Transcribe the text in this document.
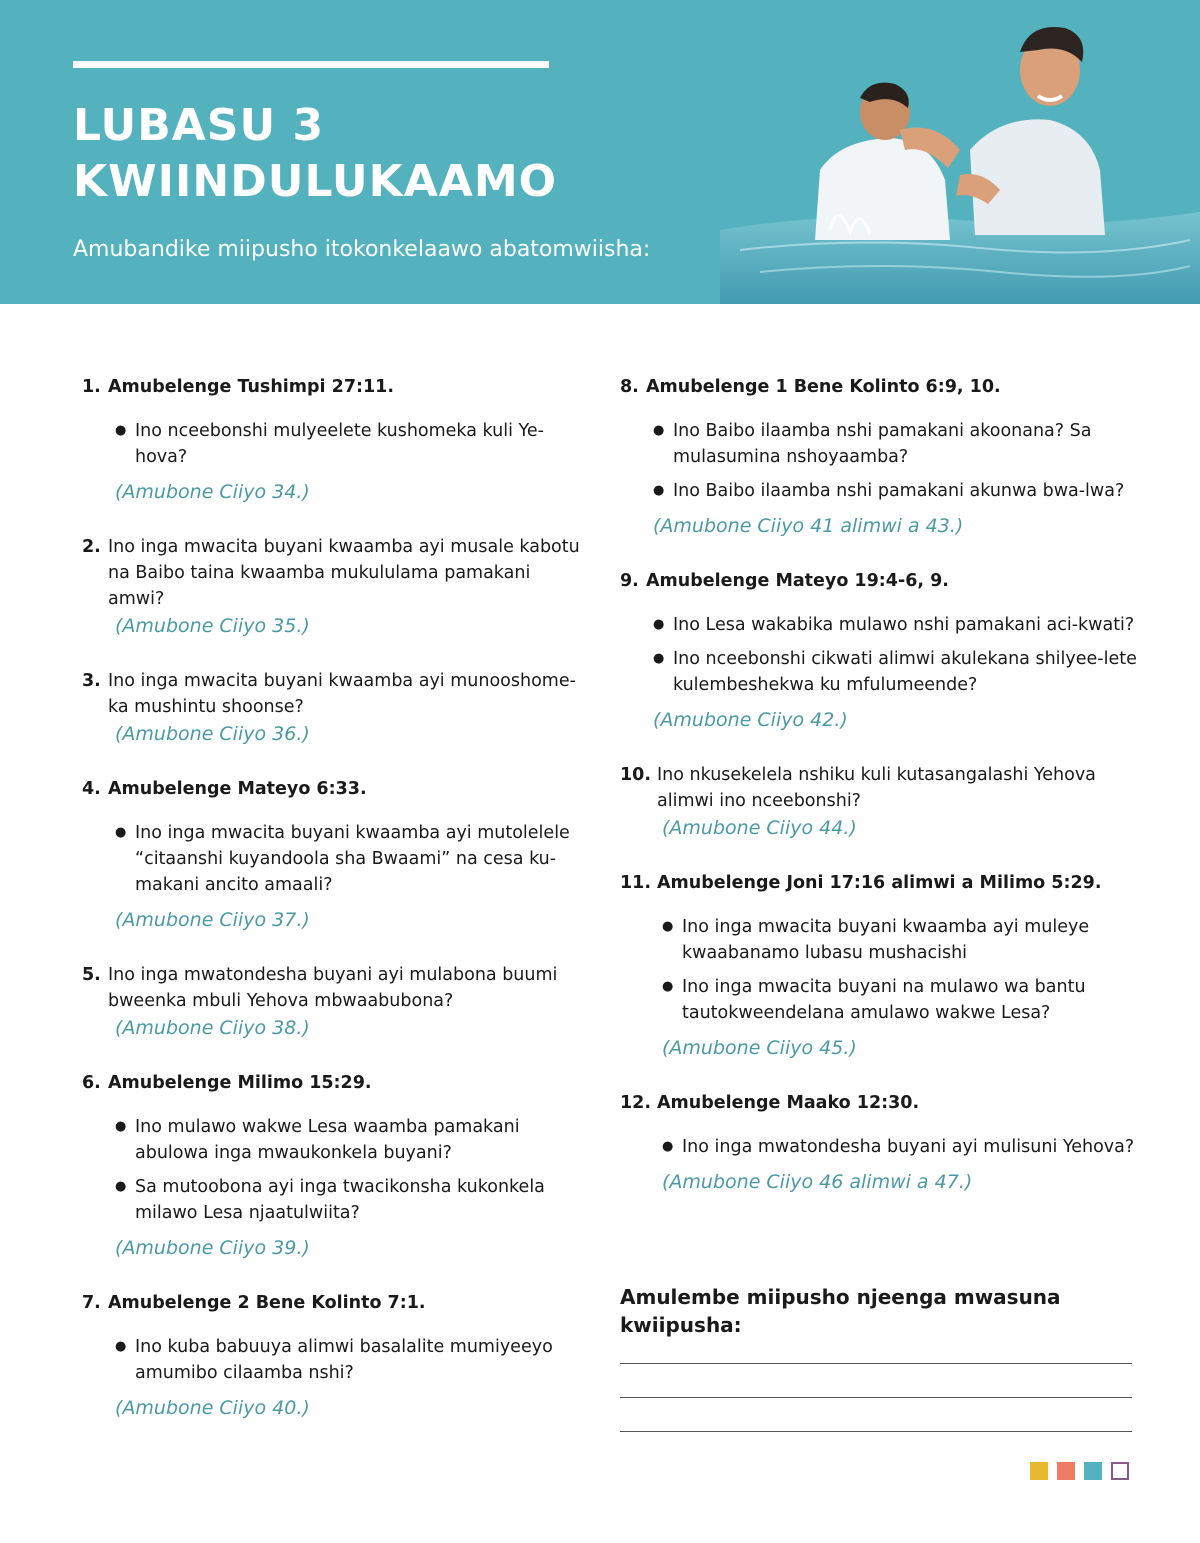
LUBASU 3
KWIINDULUKAAMO
Amubandike miipusho itokonkelaawo abatomwiisha:
1. Amubelenge Tushimpi 27:11.
● Ino nceebonshi mulyeelete kushomeka kuli Ye-hova?
(Amubone Ciiyo 34.)
2. Ino inga mwacita buyani kwaamba ayi musale kabotu na Baibo taina kwaamba mukululama pamakani amwi?
(Amubone Ciiyo 35.)
3. Ino inga mwacita buyani kwaamba ayi munooshome-ka mushintu shoonse?
(Amubone Ciiyo 36.)
4. Amubelenge Mateyo 6:33.
● Ino inga mwacita buyani kwaamba ayi mutolelele “citaanshi kuyandoola sha Bwaami” na cesa ku-makani ancito amaali?
(Amubone Ciiyo 37.)
5. Ino inga mwatondesha buyani ayi mulabona buumi bweenka mbuli Yehova mbwaabubona?
(Amubone Ciiyo 38.)
6. Amubelenge Milimo 15:29.
● Ino mulawo wakwe Lesa waamba pamakani abulowa inga mwaukonkela buyani?
● Sa mutoobona ayi inga twacikonsha kukonkela milawo Lesa njaatulwiita?
(Amubone Ciiyo 39.)
7. Amubelenge 2 Bene Kolinto 7:1.
● Ino kuba babuuya alimwi basalalite mumiyeeyo amumibo cilaamba nshi?
(Amubone Ciiyo 40.)
8. Amubelenge 1 Bene Kolinto 6:9, 10.
● Ino Baibo ilaamba nshi pamakani akoonana? Sa mulasumina nshoyaamba?
● Ino Baibo ilaamba nshi pamakani akunwa bwa-lwa?
(Amubone Ciiyo 41 alimwi a 43.)
9. Amubelenge Mateyo 19:4-6, 9.
● Ino Lesa wakabika mulawo nshi pamakani aci-kwati?
● Ino nceebonshi cikwati alimwi akulekana shilyee-lete kulembeshekwa ku mfulumeende?
(Amubone Ciiyo 42.)
10. Ino nkusekelela nshiku kuli kutasangalashi Yehova alimwi ino nceebonshi?
(Amubone Ciiyo 44.)
11. Amubelenge Joni 17:16 alimwi a Milimo 5:29.
● Ino inga mwacita buyani kwaamba ayi muleye kwaabanamo lubasu mushacishi
● Ino inga mwacita buyani na mulawo wa bantu tautokweendelana amulawo wakwe Lesa?
(Amubone Ciiyo 45.)
12. Amubelenge Maako 12:30.
● Ino inga mwatondesha buyani ayi mulisuni Yehova?
(Amubone Ciiyo 46 alimwi a 47.)
Amulembe miipusho njeenga mwasuna
kwiipusha:
